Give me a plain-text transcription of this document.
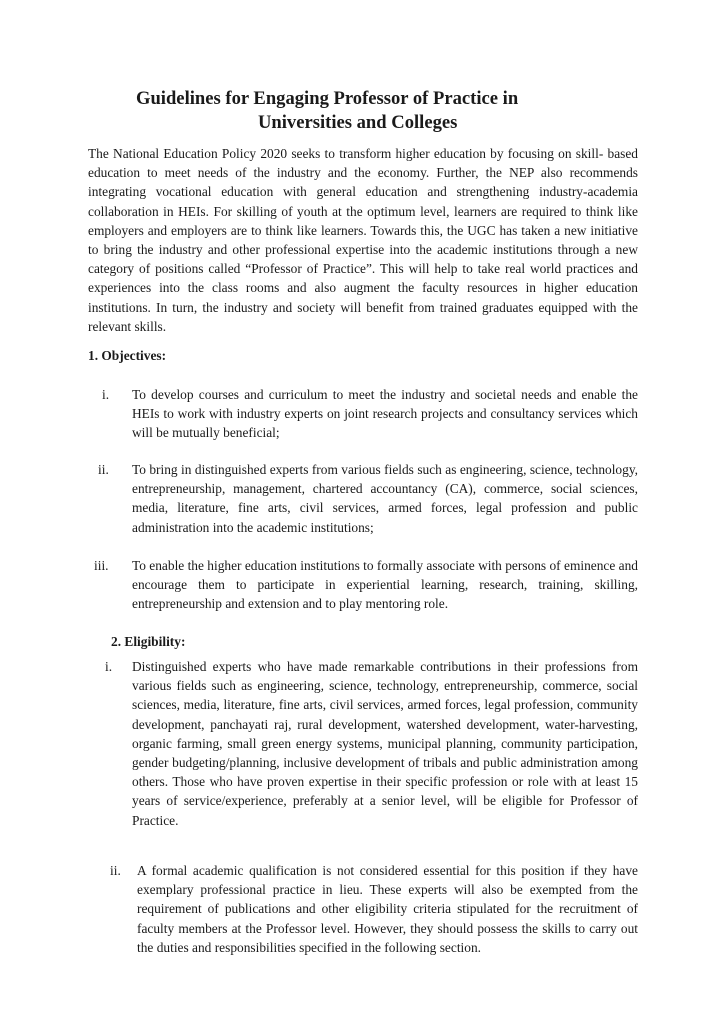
Guidelines for Engaging Professor of Practice in
Universities and Colleges
The National Education Policy 2020 seeks to transform higher education by focusing on skill- based education to meet needs of the industry and the economy. Further, the NEP also recommends integrating vocational education with general education and strengthening industry-academia collaboration in HEIs. For skilling of youth at the optimum level, learners are required to think like employers and employers are to think like learners. Towards this, the UGC has taken a new initiative to bring the industry and other professional expertise into the academic institutions through a new category of positions called “Professor of Practice”. This will help to take real world practices and experiences into the class rooms and also augment the faculty resources in higher education institutions. In turn, the industry and society will benefit from trained graduates equipped with the relevant skills.
1. Objectives:
i. To develop courses and curriculum to meet the industry and societal needs and enable the HEIs to work with industry experts on joint research projects and consultancy services which will be mutually beneficial;
ii. To bring in distinguished experts from various fields such as engineering, science, technology, entrepreneurship, management, chartered accountancy (CA), commerce, social sciences, media, literature, fine arts, civil services, armed forces, legal profession and public administration into the academic institutions;
iii. To enable the higher education institutions to formally associate with persons of eminence and encourage them to participate in experiential learning, research, training, skilling, entrepreneurship and extension and to play mentoring role.
2. Eligibility:
i. Distinguished experts who have made remarkable contributions in their professions from various fields such as engineering, science, technology, entrepreneurship, commerce, social sciences, media, literature, fine arts, civil services, armed forces, legal profession, community development, panchayati raj, rural development, watershed development, water-harvesting, organic farming, small green energy systems, municipal planning, community participation, gender budgeting/planning, inclusive development of tribals and public administration among others. Those who have proven expertise in their specific profession or role with at least 15 years of service/experience, preferably at a senior level, will be eligible for Professor of Practice.
ii. A formal academic qualification is not considered essential for this position if they have exemplary professional practice in lieu. These experts will also be exempted from the requirement of publications and other eligibility criteria stipulated for the recruitment of faculty members at the Professor level. However, they should possess the skills to carry out the duties and responsibilities specified in the following section.
